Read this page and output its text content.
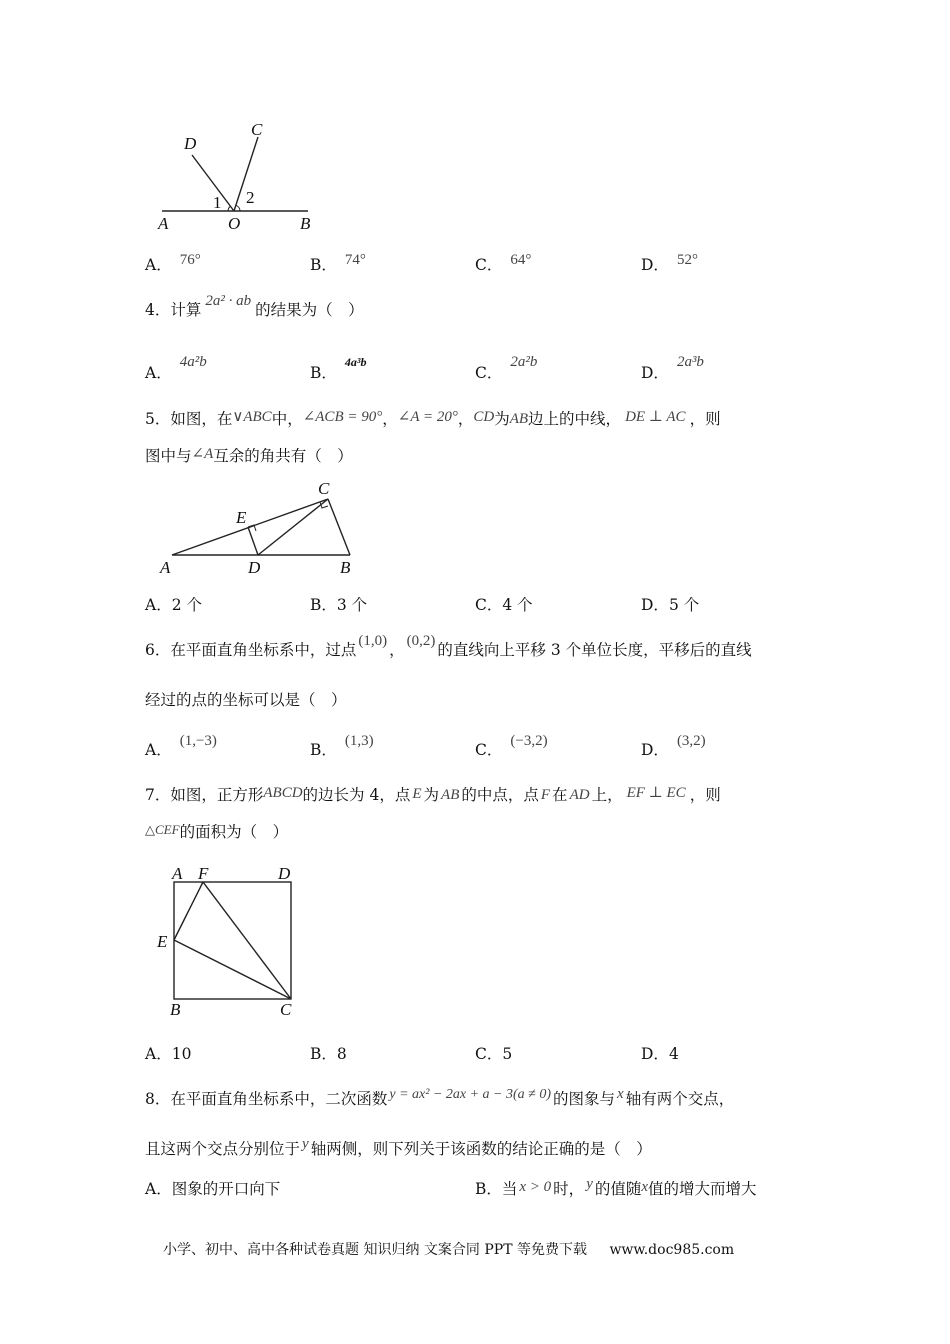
D
C
1 2
A	O	B
A． 76°	B． 74°	C． 64°	D． 52°
4．计算 2a² · ab 的结果为（　）
A．4a²b
B．$^{4a^3b}$
C．2a²b
D．2a³b
5．如图，在∨ABC中，∠ACB = 90°，∠A = 20°，CD为AB边上的中线， DE ⊥ AC ，则
图中与∠A互余的角共有（　）
C
E
A	D	B
A．2 个	B．3 个	C．4 个	D．5 个
6．在平面直角坐标系中，过点 (1,0) ， (0,2) 的直线向上平移 3 个单位长度，平移后的直线
经过的点的坐标可以是（　）
A． (1,−3)	B． (1,3)	C． (−3,2)	D． (3,2)
7．如图，正方形ABCD的边长为 4，点 E 为 AB 的中点，点 F 在 AD 上， EF ⊥ EC ，则
△CEF的面积为（　）
A F	D
E
B	C
A．10	B．8	C．5	D．4
8．在平面直角坐标系中，二次函数 y = ax² − 2ax + a − 3(a ≠ 0) 的图象与 x 轴有两个交点，
且这两个交点分别位于 y 轴两侧，则下列关于该函数的结论正确的是（　）
A．图象的开口向下	B．当 x > 0 时， y 的值随x值的增大而增大
小学、初中、高中各种试卷真题 知识归纳 文案合同 PPT 等免费下载 www.doc985.com
